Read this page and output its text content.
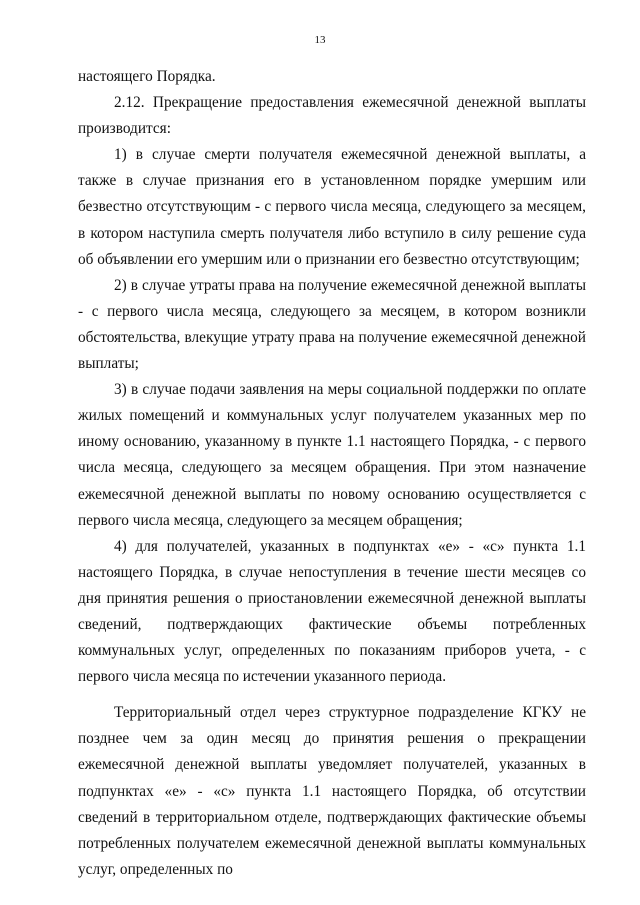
13

настоящего Порядка.

2.12. Прекращение предоставления ежемесячной денежной выплаты производится:

1) в случае смерти получателя ежемесячной денежной выплаты, а также в случае признания его в установленном порядке умершим или безвестно отсутствующим - с первого числа месяца, следующего за месяцем, в котором наступила смерть получателя либо вступило в силу решение суда об объявлении его умершим или о признании его безвестно отсутствующим;

2) в случае утраты права на получение ежемесячной денежной выплаты - с первого числа месяца, следующего за месяцем, в котором возникли обстоятельства, влекущие утрату права на получение ежемесячной денежной выплаты;

3) в случае подачи заявления на меры социальной поддержки по оплате жилых помещений и коммунальных услуг получателем указанных мер по иному основанию, указанному в пункте 1.1 настоящего Порядка, - с первого числа месяца, следующего за месяцем обращения. При этом назначение ежемесячной денежной выплаты по новому основанию осуществляется с первого числа месяца, следующего за месяцем обращения;

4) для получателей, указанных в подпунктах «е» - «с» пункта 1.1 настоящего Порядка, в случае непоступления в течение шести месяцев со дня принятия решения о приостановлении ежемесячной денежной выплаты сведений, подтверждающих фактические объемы потребленных коммунальных услуг, определенных по показаниям приборов учета, - с первого числа месяца по истечении указанного периода.

Территориальный отдел через структурное подразделение КГКУ не позднее чем за один месяц до принятия решения о прекращении ежемесячной денежной выплаты уведомляет получателей, указанных в подпунктах «е» - «с» пункта 1.1 настоящего Порядка, об отсутствии сведений в территориальном отделе, подтверждающих фактические объемы потребленных получателем ежемесячной денежной выплаты коммунальных услуг, определенных по
